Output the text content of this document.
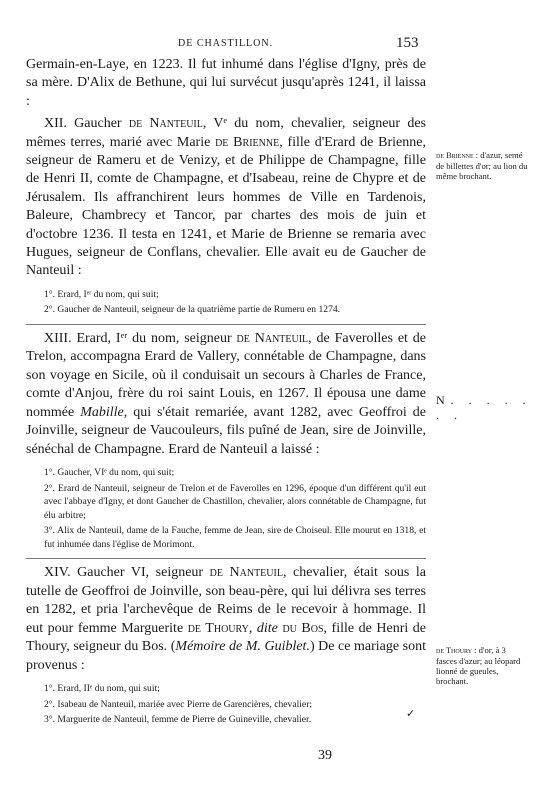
DE CHASTILLON.	153

Germain-en-Laye, en 1223. Il fut inhumé dans l'église d'Igny, près de sa mère. D'Alix de Bethune, qui lui survécut jusqu'après 1241, il laissa :

XII. Gaucher de Nanteuil, Vᵉ du nom, chevalier, seigneur des mêmes terres, marié avec Marie de Brienne, fille d'Erard de Brienne, seigneur de Rameru et de Venizy, et de Philippe de Champagne, fille de Henri II, comte de Champagne, et d'Isabeau, reine de Chypre et de Jérusalem. Ils affranchirent leurs hommes de Ville en Tardenois, Baleure, Chambrecy et Tancor, par chartes des mois de juin et d'octobre 1236. Il testa en 1241, et Marie de Brienne se remaria avec Hugues, seigneur de Conflans, chevalier. Elle avait eu de Gaucher de Nanteuil :

1°. Erard, Iᵉʳ du nom, qui suit;
2°. Gaucher de Nanteuil, seigneur de la quatrième partie de Rumeru en 1274.

XIII. Erard, Iᵉʳ du nom, seigneur de Nanteuil, de Faverolles et de Trelon, accompagna Erard de Vallery, connétable de Champagne, dans son voyage en Sicile, où il conduisait un secours à Charles de France, comte d'Anjou, frère du roi saint Louis, en 1267. Il épousa une dame nommée Mabille, qui s'était remariée, avant 1282, avec Geoffroi de Joinville, seigneur de Vaucouleurs, fils puîné de Jean, sire de Joinville, sénéchal de Champagne. Erard de Nanteuil a laissé :

1°. Gaucher, VIᵉ du nom, qui suit;
2°. Erard de Nanteuil, seigneur de Trelon et de Faverolles en 1296, époque d'un différent qu'il eut avec l'abbaye d'Igny, et dont Gaucher de Chastillon, chevalier, alors connétable de Champagne, fut élu arbitre;
3°. Alix de Nanteuil, dame de la Fauche, femme de Jean, sire de Choiseul. Elle mourut en 1318, et fut inhumée dans l'église de Morimont.

XIV. Gaucher VI, seigneur de Nanteuil, chevalier, était sous la tutelle de Geoffroi de Joinville, son beau-père, qui lui délivra ses terres en 1282, et pria l'archevêque de Reims de le recevoir à hommage. Il eut pour femme Marguerite de Thoury, dite du Bos, fille de Henri de Thoury, seigneur du Bos. (Mémoire de M. Guiblet.) De ce mariage sont provenus :

1°. Erard, IIᵉ du nom, qui suit;
2°. Isabeau de Nanteuil, mariée avec Pierre de Garencières, chevalier;
3°. Marguerite de Nanteuil, femme de Pierre de Guineville, chevalier.
de Brienne : d'azur, semé de billettes d'or; au lion du même brochant.
N. . . . . . .
de Thoury : d'or, à 3 fasces d'azur; au léopard lionné de gueules, brochant.
✓
39
